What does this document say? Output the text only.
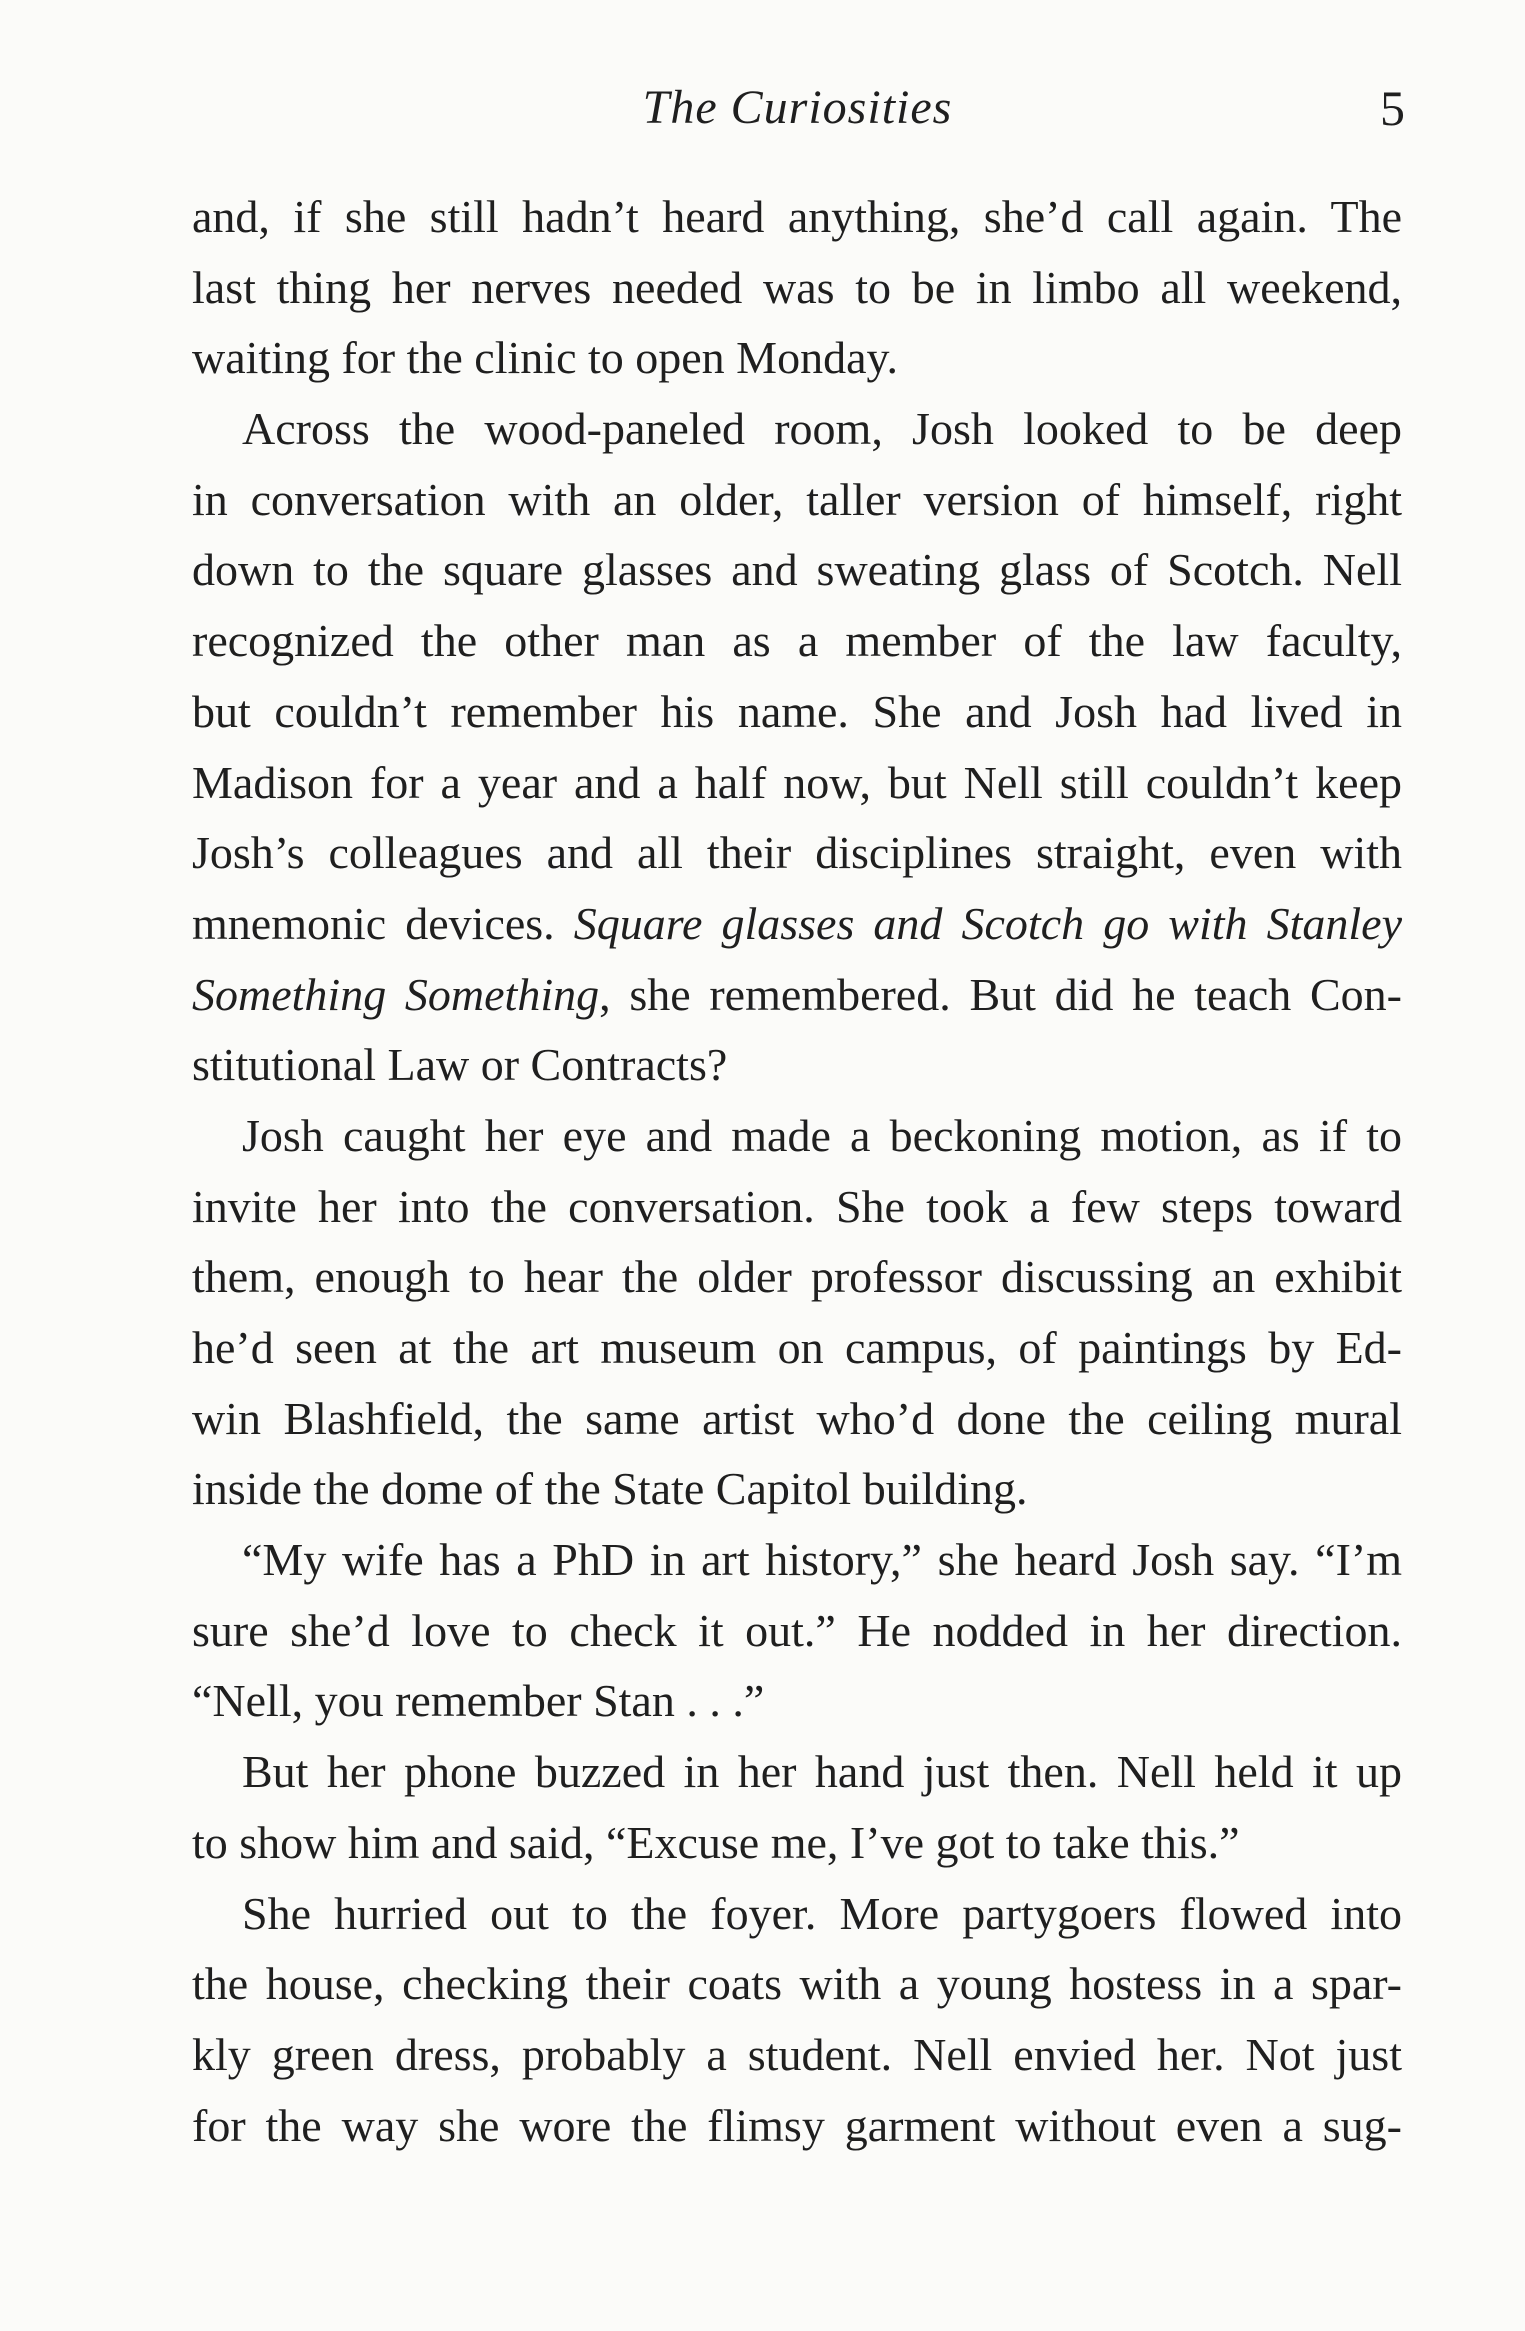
The Curiosities	5
and, if she still hadn’t heard anything, she’d call again. The
last thing her nerves needed was to be in limbo all weekend,
waiting for the clinic to open Monday.
Across the wood-paneled room, Josh looked to be deep
in conversation with an older, taller version of himself, right
down to the square glasses and sweating glass of Scotch. Nell
recognized the other man as a member of the law faculty,
but couldn’t remember his name. She and Josh had lived in
Madison for a year and a half now, but Nell still couldn’t keep
Josh’s colleagues and all their disciplines straight, even with
mnemonic devices. Square glasses and Scotch go with Stanley
Something Something, she remembered. But did he teach Con-
stitutional Law or Contracts?
Josh caught her eye and made a beckoning motion, as if to
invite her into the conversation. She took a few steps toward
them, enough to hear the older professor discussing an exhibit
he’d seen at the art museum on campus, of paintings by Ed-
win Blashfield, the same artist who’d done the ceiling mural
inside the dome of the State Capitol building.
“My wife has a PhD in art history,” she heard Josh say. “I’m
sure she’d love to check it out.” He nodded in her direction.
“Nell, you remember Stan . . .”
But her phone buzzed in her hand just then. Nell held it up
to show him and said, “Excuse me, I’ve got to take this.”
She hurried out to the foyer. More partygoers flowed into
the house, checking their coats with a young hostess in a spar-
kly green dress, probably a student. Nell envied her. Not just
for the way she wore the flimsy garment without even a sug-
